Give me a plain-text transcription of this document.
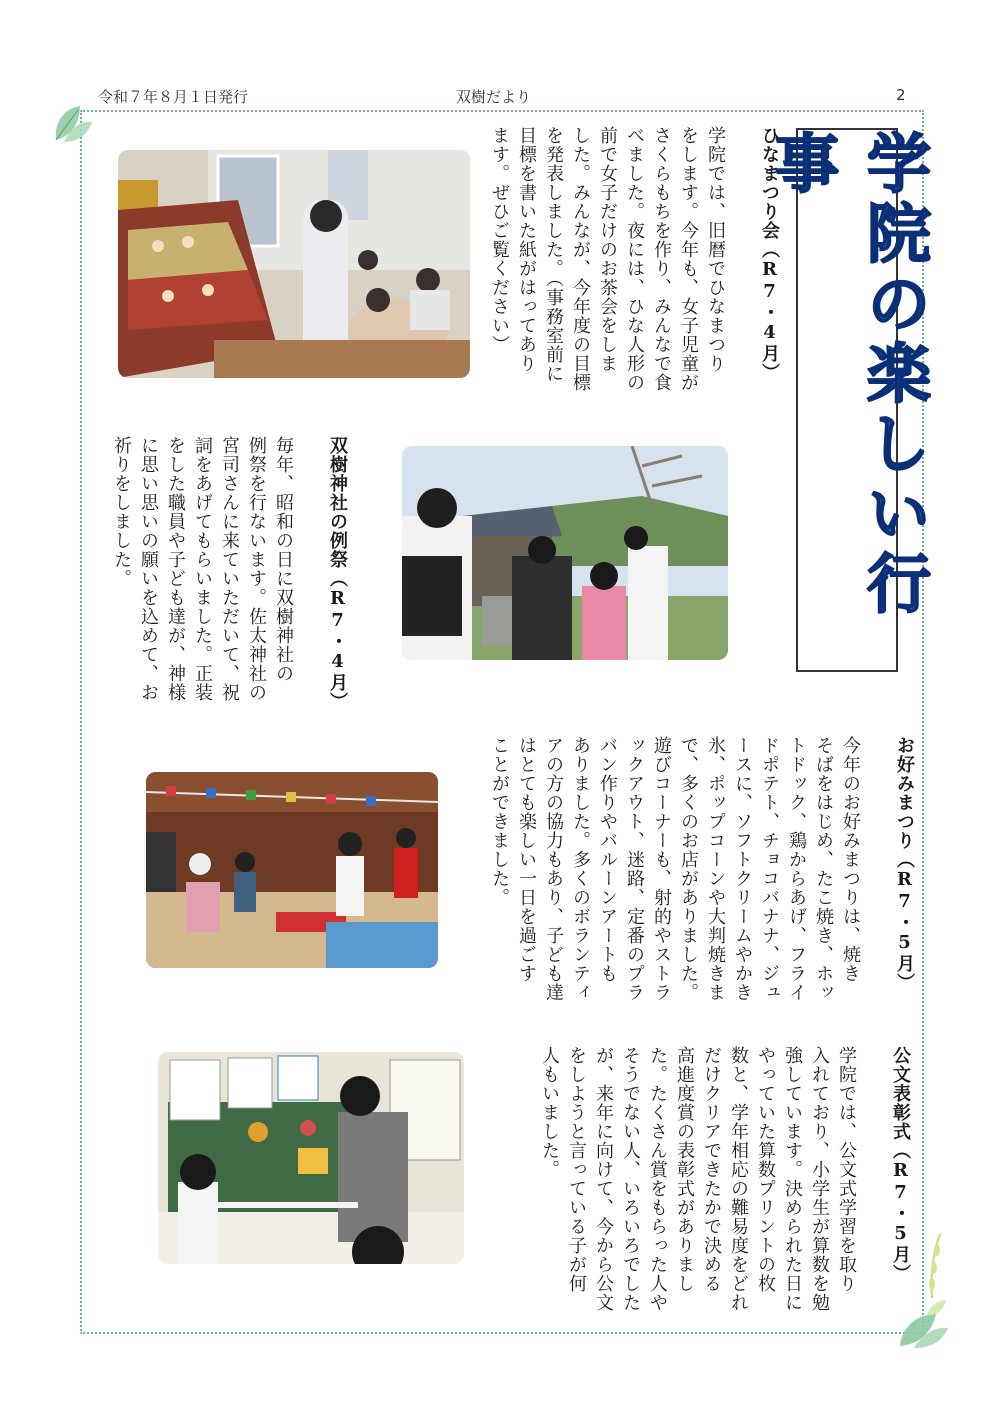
令和７年８月１日発行	双樹だより	2
学院の楽しい行事

ひなまつり会（R7・4月）

学院では、旧暦でひなまつり
をします。今年も、女子児童が
さくらもちを作り、みんなで食
べました。夜には、ひな人形の
前で女子だけのお茶会をしま
した。みんなが、今年度の目標
を発表しました。（事務室前に
目標を書いた紙がはってあり
ます。ぜひご覧ください）

双樹神社の例祭（R7・4月）

毎年、昭和の日に双樹神社の
例祭を行ないます。佐太神社の
宮司さんに来ていただいて、祝
詞をあげてもらいました。正装
をした職員や子ども達が、神様
に思い思いの願いを込めて、お
祈りをしました。

お好みまつり（R7・5月）

今年のお好みまつりは、焼き
そばをはじめ、たこ焼き、ホッ
トドック、鶏からあげ、フライ
ドポテト、チョコバナナ、ジュ
ースに、ソフトクリームやかき
氷、ポップコーンや大判焼きま
で、多くのお店がありました。
遊びコーナーも、射的やストラ
ックアウト、迷路、定番のプラ
バン作りやバルーンアートも
ありました。多くのボランティ
アの方の協力もあり、子ども達
はとても楽しい一日を過ごす
ことができました。

公文表彰式（R7・5月）

学院では、公文式学習を取り
入れており、小学生が算数を勉
強しています。決められた日に
やっていた算数プリントの枚
数と、学年相応の難易度をどれ
だけクリアできたかで決める
高進度賞の表彰式がありまし
た。たくさん賞をもらった人や
そうでない人、いろいろでした
が、来年に向けて、今から公文
をしようと言っている子が何
人もいました。
